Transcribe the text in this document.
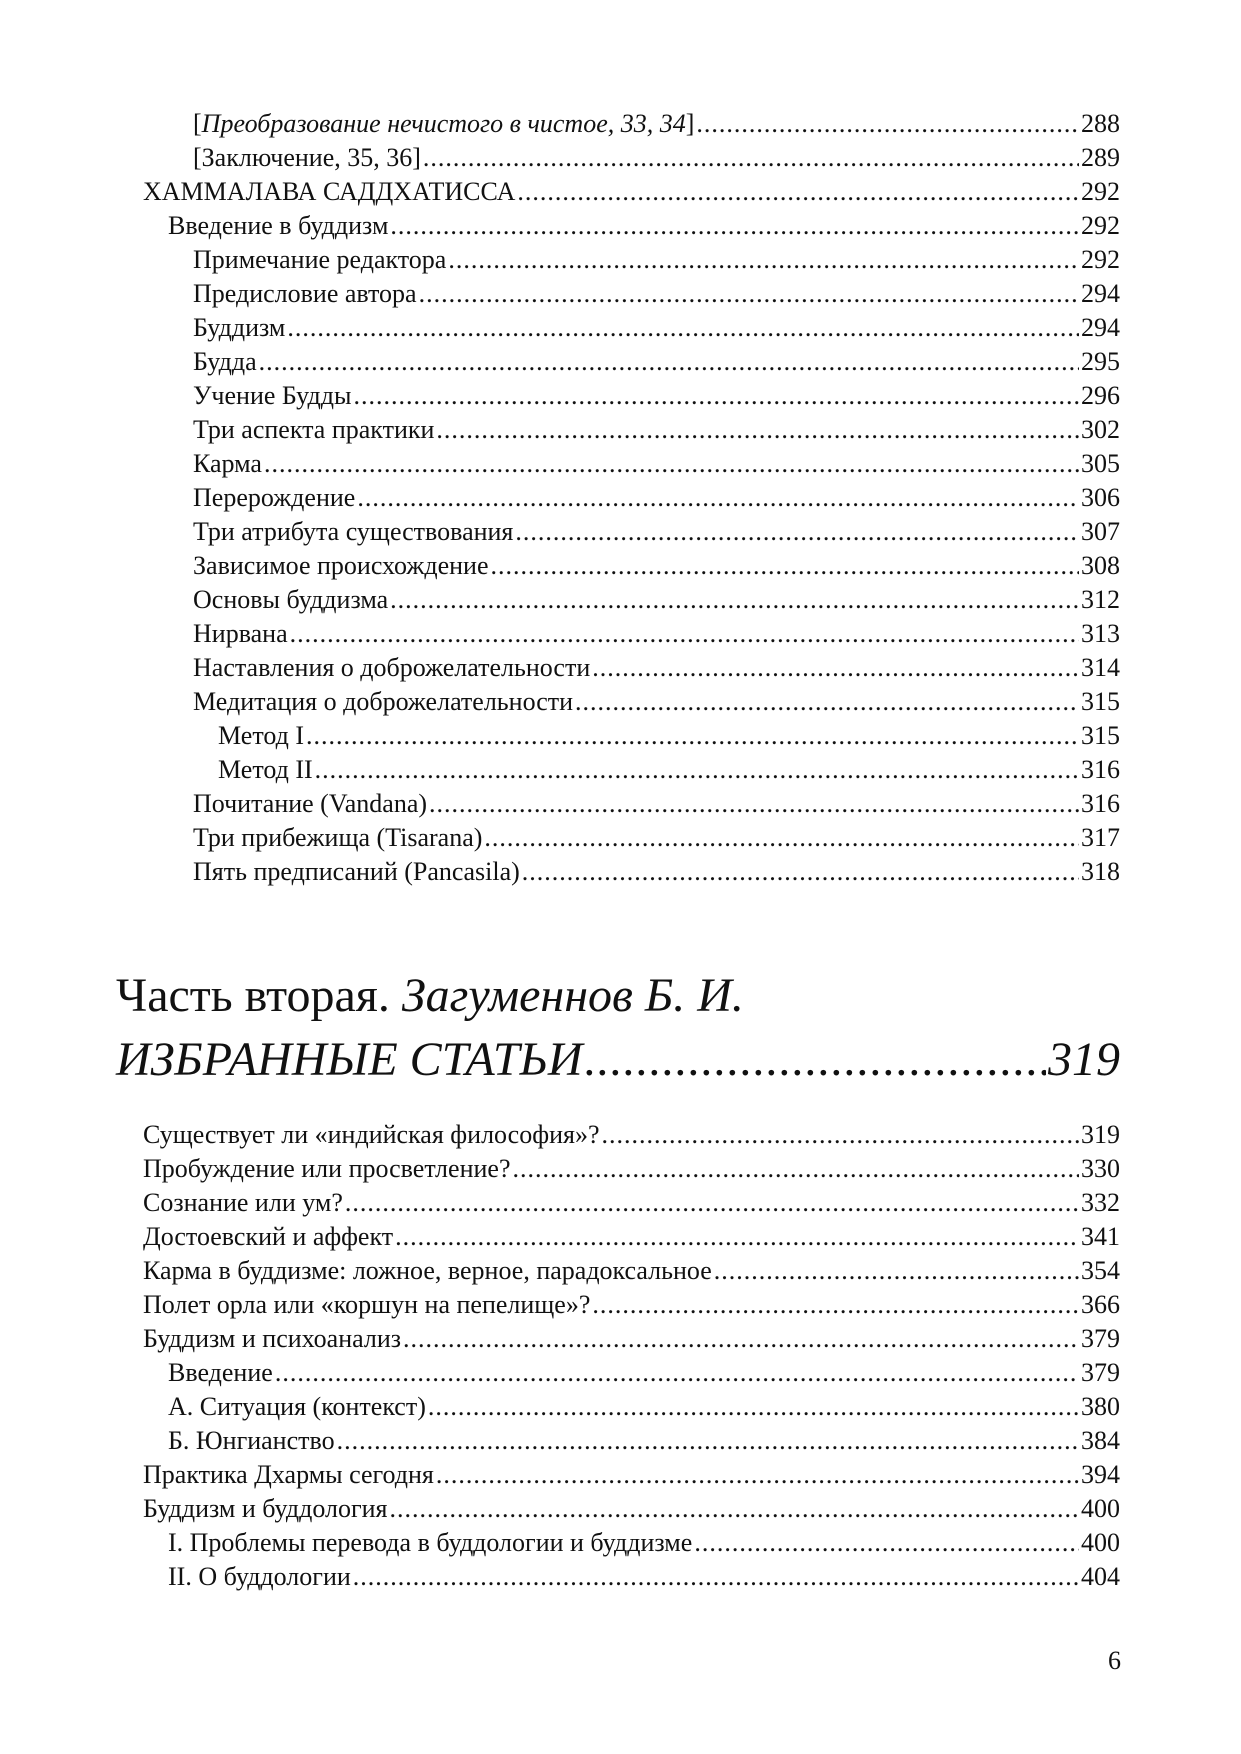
[Преобразование нечистого в чистое, 33, 34] .....	288
[Заключение, 35, 36] .....	289
ХАММАЛАВА САДДХАТИССА .....	292
Введение в буддизм .....	292
Примечание редактора .....	292
Предисловие автора .....	294
Буддизм .....	294
Будда .....	295
Учение Будды .....	296
Три аспекта практики .....	302
Карма .....	305
Перерождение .....	306
Три атрибута существования .....	307
Зависимое происхождение .....	308
Основы буддизма .....	312
Нирвана .....	313
Наставления о доброжелательности .....	314
Медитация о доброжелательности .....	315
Метод I .....	315
Метод II .....	316
Почитание (Vandana) .....	316
Три прибежища (Tisarana) .....	317
Пять предписаний (Pancasila) .....	318
Часть вторая. Загуменнов Б. И.
ИЗБРАННЫЕ СТАТЬИ .....	319
Существует ли «индийская философия»? .....	319
Пробуждение или просветление? .....	330
Сознание или ум? .....	332
Достоевский и аффект .....	341
Карма в буддизме: ложное, верное, парадоксальное .....	354
Полет орла или «коршун на пепелище»? .....	366
Буддизм и психоанализ .....	379
Введение .....	379
А. Ситуация (контекст) .....	380
Б. Юнгианство .....	384
Практика Дхармы сегодня .....	394
Буддизм и буддология .....	400
I. Проблемы перевода в буддологии и буддизме .....	400
II. О буддологии .....	404
6
